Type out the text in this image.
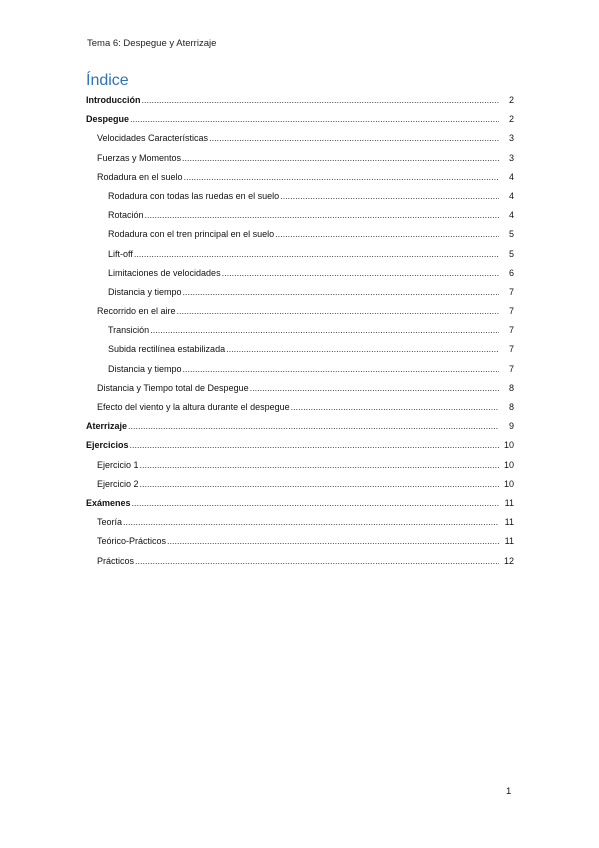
Tema 6: Despegue y Aterrizaje
Índice
Introducción .....	2
Despegue .....	2
Velocidades Características .....	3
Fuerzas y Momentos .....	3
Rodadura en el suelo .....	4
Rodadura con todas las ruedas en el suelo .....	4
Rotación .....	4
Rodadura con el tren principal en el suelo .....	5
Lift-off .....	5
Limitaciones de velocidades .....	6
Distancia y tiempo .....	7
Recorrido en el aire .....	7
Transición .....	7
Subida rectilínea estabilizada .....	7
Distancia y tiempo .....	7
Distancia y Tiempo total de Despegue .....	8
Efecto del viento y la altura durante el despegue .....	8
Aterrizaje .....	9
Ejercicios .....	10
Ejercicio 1 .....	10
Ejercicio 2 .....	10
Exámenes .....	11
Teoría .....	11
Teórico-Prácticos .....	11
Prácticos .....	12
1
